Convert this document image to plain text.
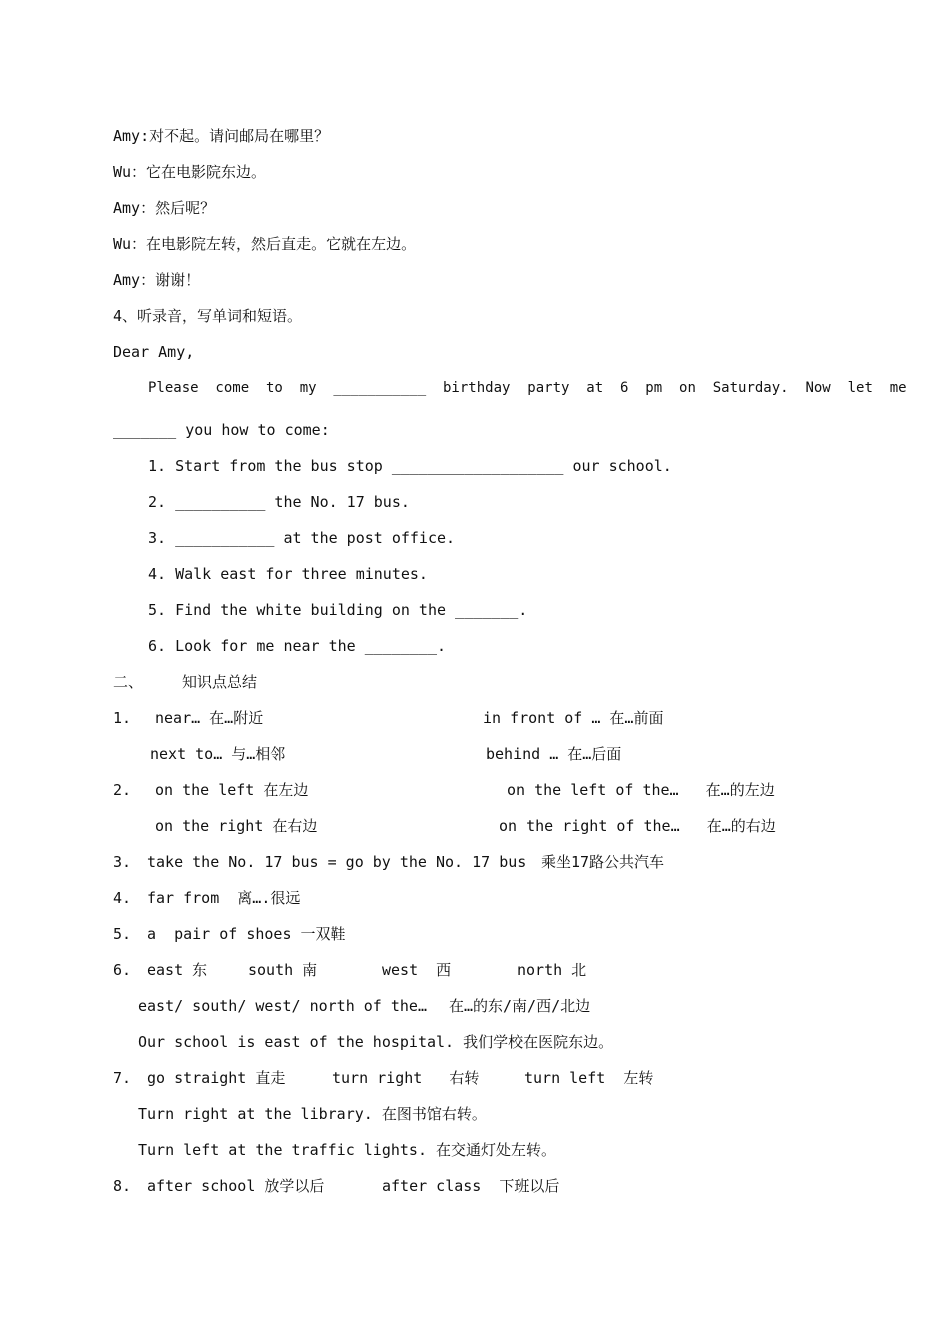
Amy:对不起。请问邮局在哪里？
Wu：它在电影院东边。
Amy：然后呢？
Wu：在电影院左转，然后直走。它就在左边。
Amy：谢谢！
4、听录音，写单词和短语。
Dear Amy,
Please  come  to  my  ___________  birthday  party  at  6  pm  on  Saturday.  Now  let  me
_______ you how to come:
1. Start from the bus stop ___________________ our school.
2. __________ the No. 17 bus.
3. ___________ at the post office.
4. Walk east for three minutes.
5. Find the white building on the _______.
6. Look for me near the ________.
二、	知识点总结
1. near… 在…附近	in front of … 在…前面
next to… 与…相邻	behind … 在…后面
2. on the left 在左边	on the left of the…   在…的左边
on the right 在右边	on the right of the…   在…的右边
3. take the No. 17 bus = go by the No. 17 bus 乘坐17路公共汽车
4. far from  离….很远
5. a  pair of shoes 一双鞋
6. east 东	south 南	west  西	north 北
east/ south/ west/ north of the… 在…的东/南/西/北边
Our school is east of the hospital. 我们学校在医院东边。
7. go straight 直走	turn right   右转	turn left  左转
Turn right at the library. 在图书馆右转。
Turn left at the traffic lights. 在交通灯处左转。
8. after school 放学以后	after class  下班以后
